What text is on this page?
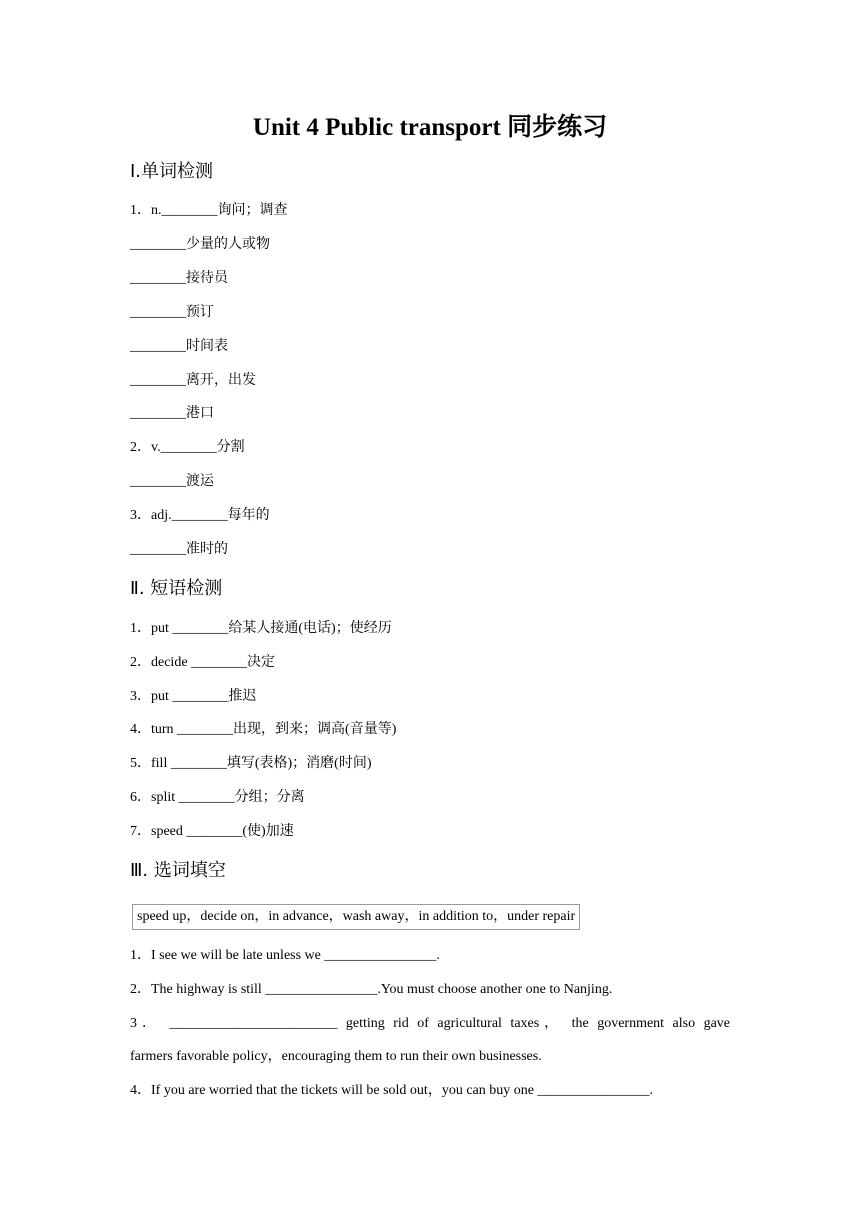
Unit 4 Public transport 同步练习
Ⅰ.单词检测
1．n.________询问；调查
________少量的人或物
________接待员
________预订
________时间表
________离开，出发
________港口
2．v.________分割
________渡运
3．adj.________每年的
________准时的
Ⅱ. 短语检测
1．put ________给某人接通(电话)；使经历
2．decide ________决定
3．put ________推迟
4．turn ________出现，到来；调高(音量等)
5．fill ________填写(表格)；消磨(时间)
6．split ________分组；分离
7．speed ________(使)加速
Ⅲ. 选词填空
speed up，decide on，in advance，wash away，in addition to，under repair
1．I see we will be late unless we ________________.
2．The highway is still ________________.You must choose another one to Nanjing.
3． ________________________ getting rid of agricultural taxes， the government also gave
farmers favorable policy，encouraging them to run their own businesses.
4．If you are worried that the tickets will be sold out，you can buy one ________________.
